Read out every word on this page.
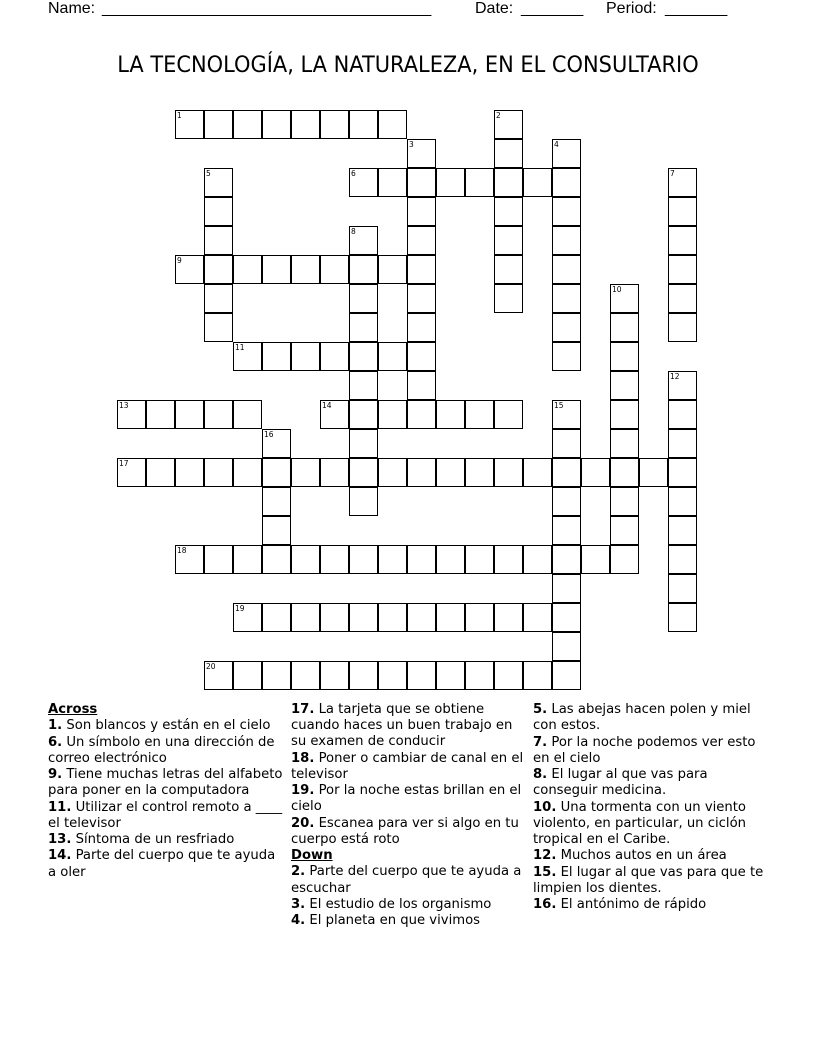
Name: _____________________________________	Date: _______ Period: _______
LA TECNOLOGÍA, LA NATURALEZA, EN EL CONSULTARIO
1	2
3	4
5	6	7
8
9
10
11
12
13	14	15
16
17
18
19
20
Across
1. Son blancos y están en el cielo
6. Un símbolo en una dirección de correo electrónico
9. Tiene muchas letras del alfabeto para poner en la computadora
11. Utilizar el control remoto a ____ el televisor
13. Síntoma de un resfriado
14. Parte del cuerpo que te ayuda a oler
17. La tarjeta que se obtiene cuando haces un buen trabajo en su examen de conducir
18. Poner o cambiar de canal en el televisor
19. Por la noche estas brillan en el cielo
20. Escanea para ver si algo en tu cuerpo está roto
Down
2. Parte del cuerpo que te ayuda a escuchar
3. El estudio de los organismo
4. El planeta en que vivimos
5. Las abejas hacen polen y miel con estos.
7. Por la noche podemos ver esto en el cielo
8. El lugar al que vas para conseguir medicina.
10. Una tormenta con un viento violento, en particular, un ciclón tropical en el Caribe.
12. Muchos autos en un área
15. El lugar al que vas para que te limpien los dientes.
16. El antónimo de rápido
